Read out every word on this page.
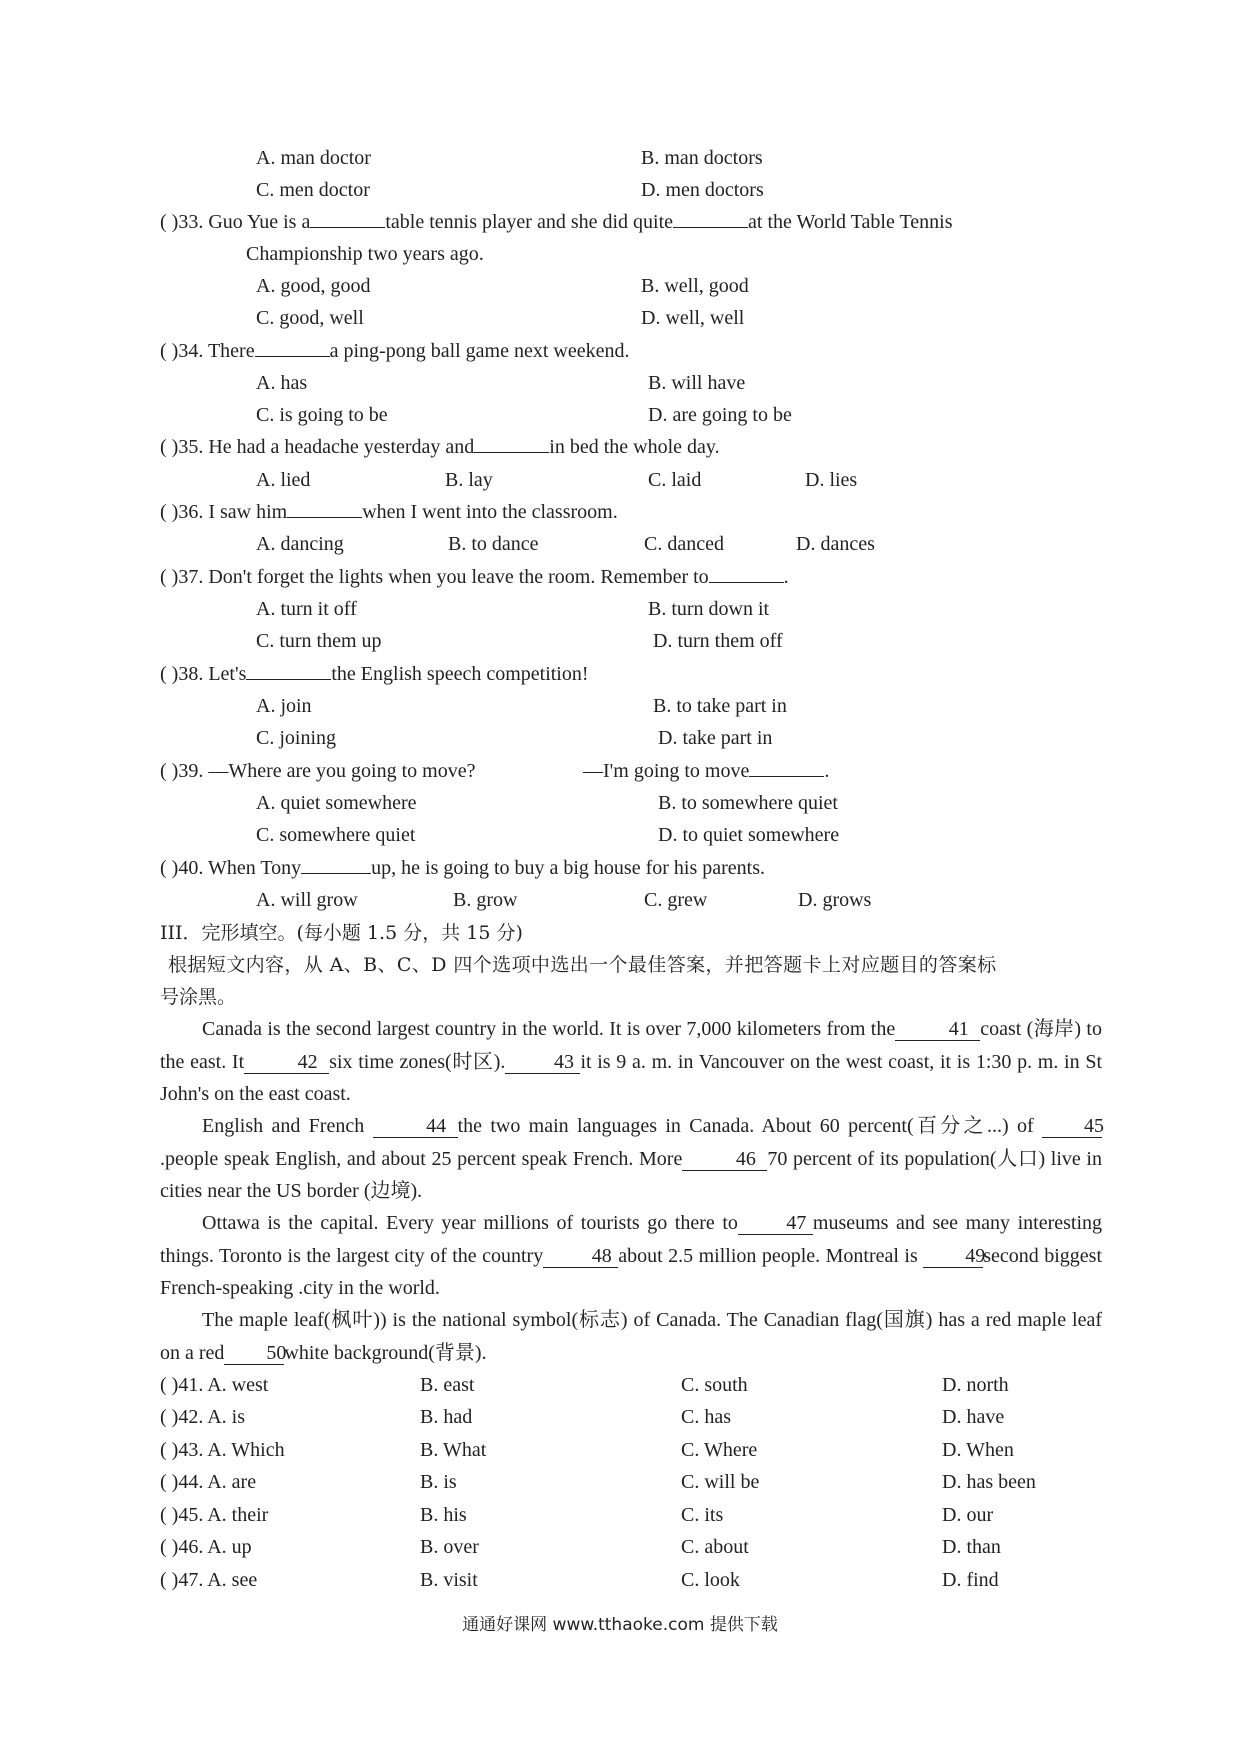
A. man doctor	B. man doctors
C. men doctor	D. men doctors
( )33. Guo Yue is a	table tennis player and she did quite	at the World Table Tennis
Championship two years ago.
A. good, good	B. well, good
C. good, well	D. well, well
( )34. There	a ping-pong ball game next weekend.
A. has	B. will have
C. is going to be	D. are going to be
( )35. He had a headache yesterday and	in bed the whole day.
A. lied	B. lay	C. laid	D. lies
( )36. I saw him	when I went into the classroom.
A. dancing	B. to dance	C. danced	D. dances
( )37. Don't forget the lights when you leave the room. Remember to	.
A. turn it off	B. turn down it
C. turn them up	D. turn them off
( )38. Let's	the English speech competition!
A. join	B. to take part in
C. joining	D. take part in
( )39. —Where are you going to move?	—I'm going to move	.
A. quiet somewhere	B. to somewhere quiet
C. somewhere quiet	D. to quiet somewhere
( )40. When Tony	up, he is going to buy a big house for his parents.
A. will grow	B. grow	C. grew	D. grows
III．完形填空。(每小题 1.5 分，共 15 分)
根据短文内容，从 A、B、C、D 四个选项中选出一个最佳答案，并把答题卡上对应题目的答案标
号涂黑。
Canada is the second largest country in the world. It is over 7,000 kilometers from the	41 coast (海岸) to the east. It	42 six time zones(时区). 43 it is 9 a. m. in Vancouver on the west coast, it is 1:30 p. m. in St John's on the east coast.
English and French	44 the two main languages in Canada. About 60 percent(百分之...) of	45.people speak English, and about 25 percent speak French. More	46 70 percent of its population(人口) live in cities near the US border (边境).
Ottawa is the capital. Every year millions of tourists go there to 47 museums and see many interesting things. Toronto is the largest city of the country 48 about 2.5 million people. Montreal is 49second biggest French-speaking .city in the world.
The maple leaf(枫叶)) is the national symbol(标志) of Canada. The Canadian flag(国旗) has a red maple leaf on a red 50white background(背景).
( )41. A. west	B. east	C. south	D. north
( )42. A. is	B. had	C. has	D. have
( )43. A. Which	B. What	C. Where	D. When
( )44. A. are	B. is	C. will be	D. has been
( )45. A. their	B. his	C. its	D. our
( )46. A. up	B. over	C. about	D. than
( )47. A. see	B. visit	C. look	D. find
通通好课网 www.tthaoke.com 提供下载
